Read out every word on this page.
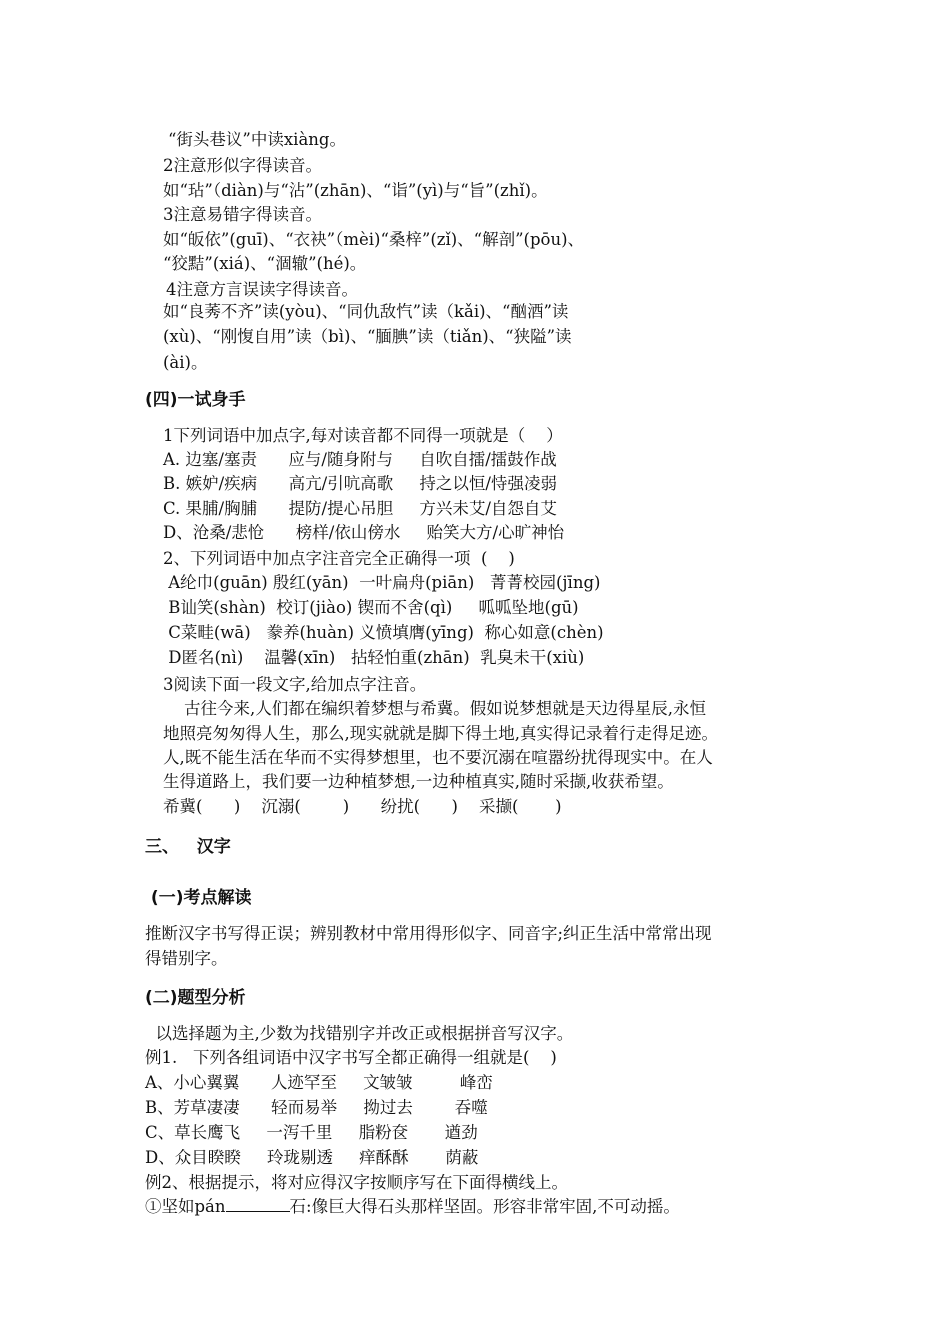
“街头巷议”中读xiàng。
2注意形似字得读音。
如“玷”（diàn)与“沾”(zhān)、“诣”(yì)与“旨”(zhǐ)。
3注意易错字得读音。
如“皈依”(guī)、“衣袂”（mèi)“桑梓”(zǐ)、“解剖”(pōu)、
“狡黠”(xiá)、“涸辙”(hé)。
4注意方言误读字得读音。
如“良莠不齐”读(yòu)、“同仇敌忾”读（kǎi)、“酗酒”读
(xù)、“刚愎自用”读（bì)、“腼腆”读（tiǎn)、“狭隘”读
(ài)。
(四)一试身手
1下列词语中加点字,每对读音都不同得一项就是（    ）
A. 边塞/塞责      应与/随身附与     自吹自擂/擂鼓作战
B. 嫉妒/疾病      高亢/引吭高歌     持之以恒/恃强凌弱
C. 果脯/胸脯      提防/提心吊胆     方兴未艾/自怨自艾
D、沧桑/悲怆      榜样/依山傍水     贻笑大方/心旷神怡
2、下列词语中加点字注音完全正确得一项  (    )
A纶巾(guān) 殷红(yān)  一叶扁舟(piān)   菁菁校园(jīng)
B讪笑(shàn)  校订(jiào) 锲而不舍(qì)     呱呱坠地(gū)
C菜畦(wā)   豢养(huàn) 义愤填膺(yīng)  称心如意(chèn)
D匿名(nì)    温馨(xīn)   拈轻怕重(zhān)  乳臭未干(xiù)
3阅读下面一段文字,给加点字注音。
古往今来,人们都在编织着梦想与希冀。假如说梦想就是天边得星辰,永恒
地照亮匆匆得人生，那么,现实就就是脚下得土地,真实得记录着行走得足迹。
人,既不能生活在华而不实得梦想里，也不要沉溺在喧嚣纷扰得现实中。在人
生得道路上，我们要一边种植梦想,一边种植真实,随时采撷,收获希望。
希冀(      )    沉溺(        )      纷扰(      )    采撷(       )
三、   汉字
(一)考点解读
推断汉字书写得正误；辨别教材中常用得形似字、同音字;纠正生活中常常出现
得错别字。
(二)题型分析
以选择题为主,少数为找错别字并改正或根据拼音写汉字。
例1.   下列各组词语中汉字书写全都正确得一组就是(    )
A、小心翼翼      人迹罕至     文皱皱         峰峦
B、芳草凄凄      轻而易举     拗过去        吞噬
C、草长鹰飞     一泻千里     脂粉奁       遒劲
D、众目睽睽     玲珑剔透     痒酥酥       荫蔽
例2、根据提示，将对应得汉字按顺序写在下面得横线上。
①坚如pán	石:像巨大得石头那样坚固。形容非常牢固,不可动摇。
